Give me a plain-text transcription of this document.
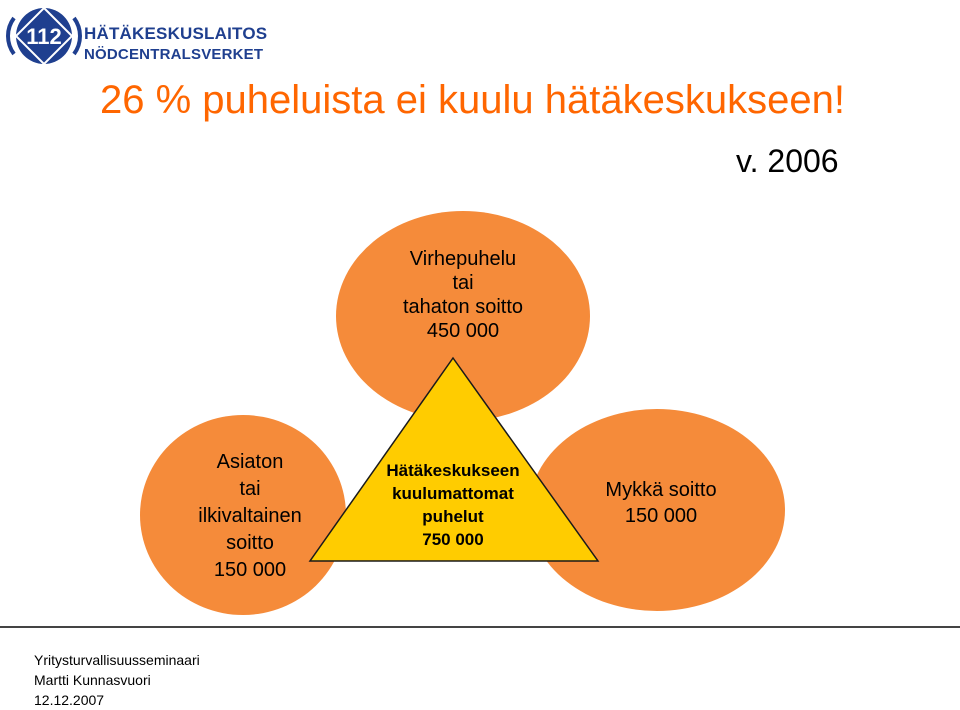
112 HÄTÄKESKUSLAITOS
NÖDCENTRALSVERKET
26 % puheluista ei kuulu hätäkeskukseen!
v. 2006
Virhepuhelu
tai
tahaton soitto
450 000
Asiaton
tai
ilkivaltainen
soitto
150 000
Mykkä soitto
150 000
Hätäkeskukseen
kuulumattomat
puhelut
750 000
Yritysturvallisuusseminaari
Martti Kunnasvuori
12.12.2007
